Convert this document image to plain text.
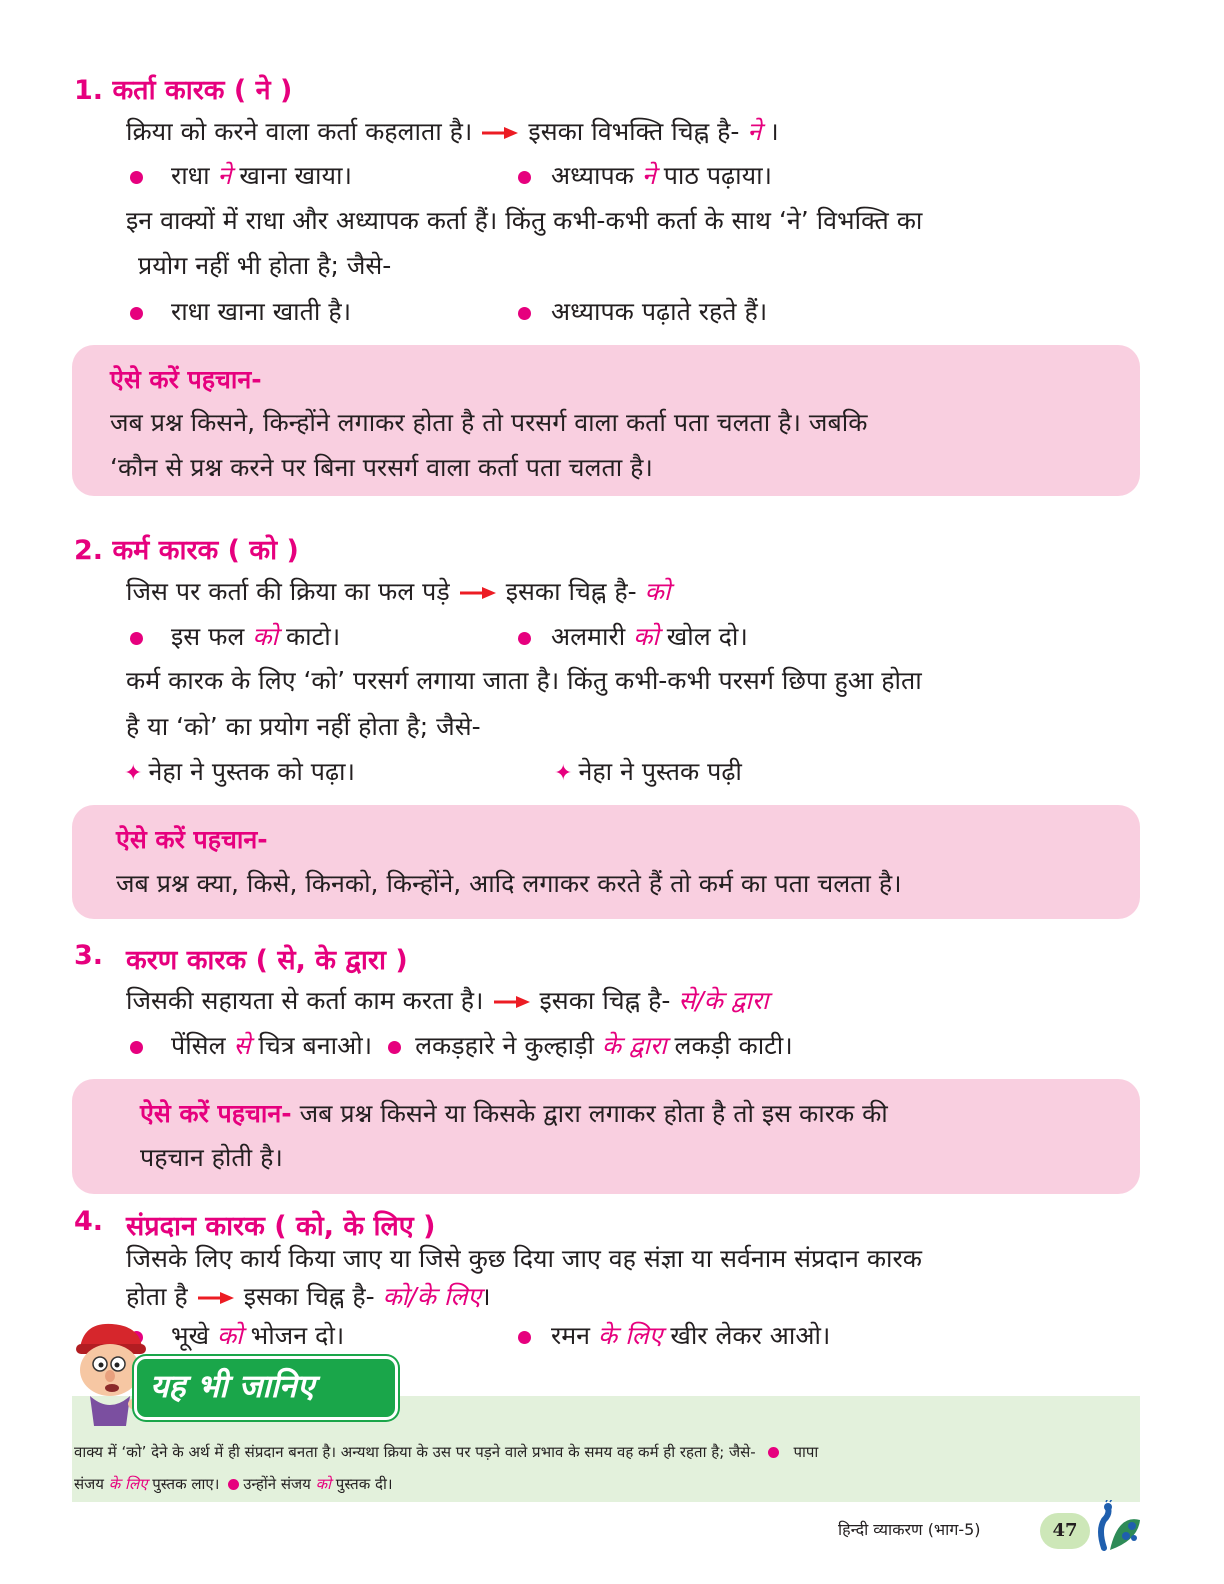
1. कर्ता कारक ( ने )
क्रिया को करने वाला कर्ता कहलाता है। इसका विभक्ति चिह्न है- ने ।
राधा ने खाना खाया।	अध्यापक ने पाठ पढ़ाया।
इन वाक्यों में राधा और अध्यापक कर्ता हैं। किंतु कभी-कभी कर्ता के साथ ‘ने’ विभक्ति का
प्रयोग नहीं भी होता है; जैसे-
राधा खाना खाती है।	अध्यापक पढ़ाते रहते हैं।
ऐसे करें पहचान-
जब प्रश्न किसने, किन्होंने लगाकर होता है तो परसर्ग वाला कर्ता पता चलता है। जबकि
‘कौन से प्रश्न करने पर बिना परसर्ग वाला कर्ता पता चलता है।
2. कर्म कारक ( को )
जिस पर कर्ता की क्रिया का फल पड़े इसका चिह्न है- को
इस फल को काटो।	अलमारी को खोल दो।
कर्म कारक के लिए ‘को’ परसर्ग लगाया जाता है। किंतु कभी-कभी परसर्ग छिपा हुआ होता
है या ‘को’ का प्रयोग नहीं होता है; जैसे-
✦ नेहा ने पुस्तक को पढ़ा।	✦ नेहा ने पुस्तक पढ़ी
ऐसे करें पहचान-
जब प्रश्न क्या, किसे, किनको, किन्होंने, आदि लगाकर करते हैं तो कर्म का पता चलता है।
3. करण कारक ( से, के द्वारा )
जिसकी सहायता से कर्ता काम करता है। इसका चिह्न है- से/के द्वारा
पेंसिल से चित्र बनाओ। लकड़हारे ने कुल्हाड़ी के द्वारा लकड़ी काटी।
ऐसे करें पहचान- जब प्रश्न किसने या किसके द्वारा लगाकर होता है तो इस कारक की
पहचान होती है।
4. संप्रदान कारक ( को, के लिए )
जिसके लिए कार्य किया जाए या जिसे कुछ दिया जाए वह संज्ञा या सर्वनाम संप्रदान कारक
होता है इसका चिह्न है- को/के लिए।
भूखे को भोजन दो।	रमन के लिए खीर लेकर आओ।
यह भी जानिए
वाक्य में ‘को’ देने के अर्थ में ही संप्रदान बनता है। अन्यथा क्रिया के उस पर पड़ने वाले प्रभाव के समय वह कर्म ही रहता है; जैसे-	पापा
संजय के लिए पुस्तक लाए। उन्होंने संजय को पुस्तक दी।
हिन्दी व्याकरण (भाग-5)	47
